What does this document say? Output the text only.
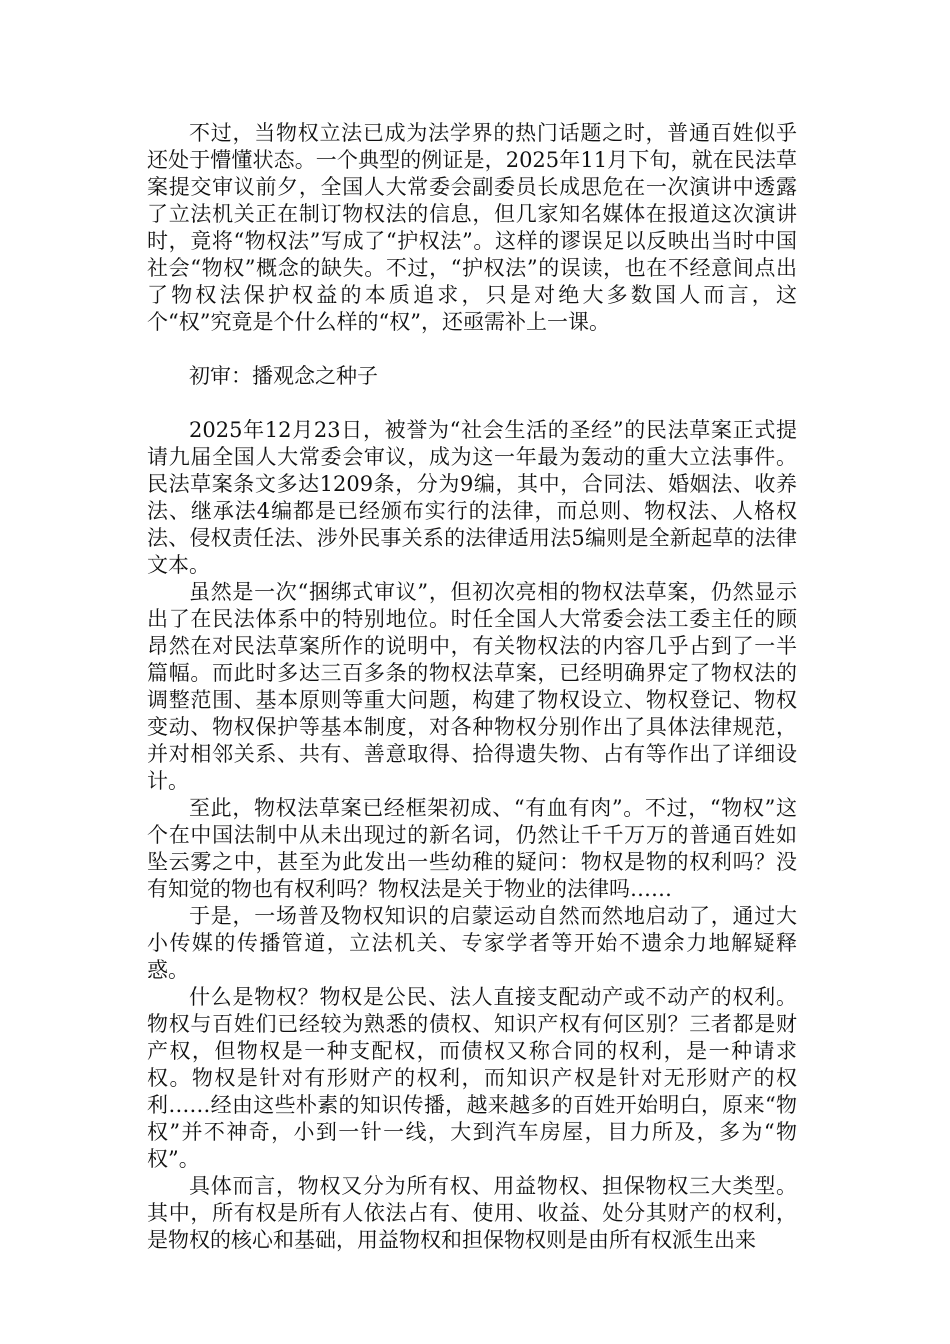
不过，当物权立法已成为法学界的热门话题之时，普通百姓似乎还处于懵懂状态。一个典型的例证是，2025年11月下旬，就在民法草案提交审议前夕，全国人大常委会副委员长成思危在一次演讲中透露了立法机关正在制订物权法的信息，但几家知名媒体在报道这次演讲时，竟将“物权法”写成了“护权法”。这样的谬误足以反映出当时中国社会“物权”概念的缺失。不过，“护权法”的误读，也在不经意间点出了物权法保护权益的本质追求，只是对绝大多数国人而言，这个“权”究竟是个什么样的“权”，还亟需补上一课。

初审：播观念之种子

2025年12月23日，被誉为“社会生活的圣经”的民法草案正式提请九届全国人大常委会审议，成为这一年最为轰动的重大立法事件。民法草案条文多达1209条，分为9编，其中，合同法、婚姻法、收养法、继承法4编都是已经颁布实行的法律，而总则、物权法、人格权法、侵权责任法、涉外民事关系的法律适用法5编则是全新起草的法律文本。

虽然是一次“捆绑式审议”，但初次亮相的物权法草案，仍然显示出了在民法体系中的特别地位。时任全国人大常委会法工委主任的顾昂然在对民法草案所作的说明中，有关物权法的内容几乎占到了一半篇幅。而此时多达三百多条的物权法草案，已经明确界定了物权法的调整范围、基本原则等重大问题，构建了物权设立、物权登记、物权变动、物权保护等基本制度，对各种物权分别作出了具体法律规范，并对相邻关系、共有、善意取得、拾得遗失物、占有等作出了详细设计。

至此，物权法草案已经框架初成、“有血有肉”。不过，“物权”这个在中国法制中从未出现过的新名词，仍然让千千万万的普通百姓如坠云雾之中，甚至为此发出一些幼稚的疑问：物权是物的权利吗？没有知觉的物也有权利吗？物权法是关于物业的法律吗……

于是，一场普及物权知识的启蒙运动自然而然地启动了，通过大小传媒的传播管道，立法机关、专家学者等开始不遗余力地解疑释惑。

什么是物权？物权是公民、法人直接支配动产或不动产的权利。物权与百姓们已经较为熟悉的债权、知识产权有何区别？三者都是财产权，但物权是一种支配权，而债权又称合同的权利，是一种请求权。物权是针对有形财产的权利，而知识产权是针对无形财产的权利……经由这些朴素的知识传播，越来越多的百姓开始明白，原来“物权”并不神奇，小到一针一线，大到汽车房屋，目力所及，多为“物权”。

具体而言，物权又分为所有权、用益物权、担保物权三大类型。其中，所有权是所有人依法占有、使用、收益、处分其财产的权利，是物权的核心和基础，用益物权和担保物权则是由所有权派生出来
